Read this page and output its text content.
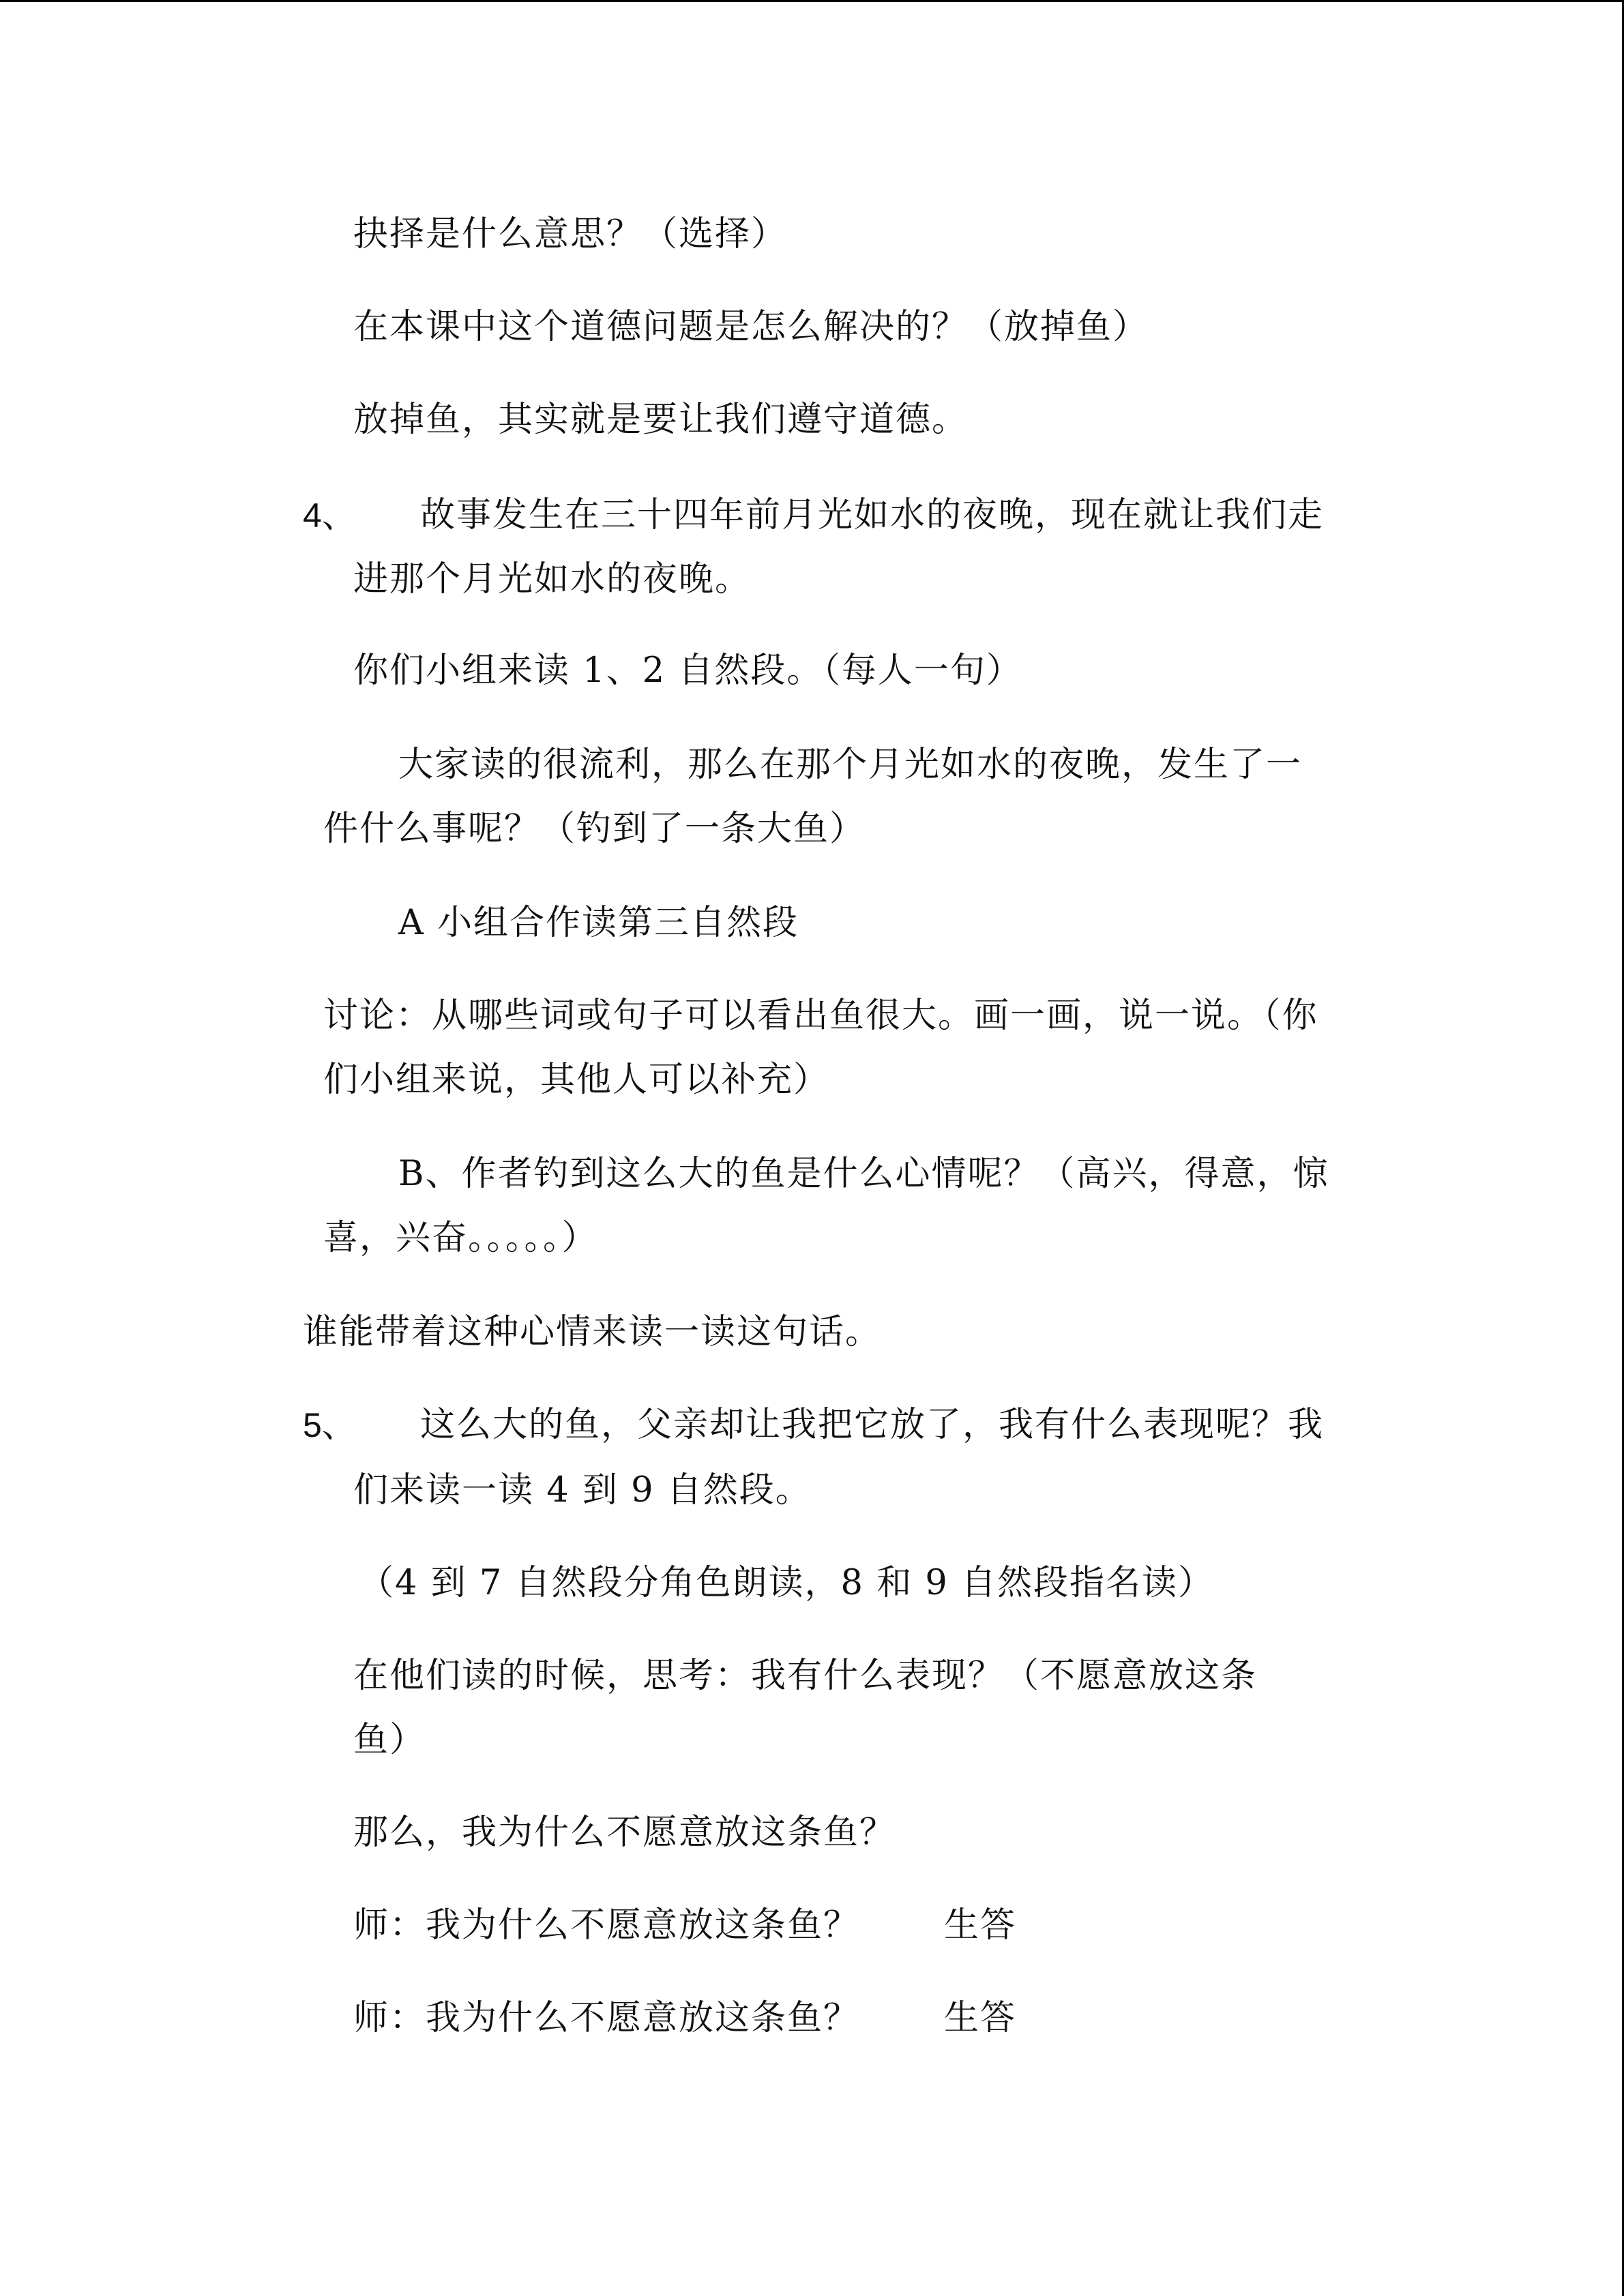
抉择是什么意思？（选择）
在本课中这个道德问题是怎么解决的？（放掉鱼）
放掉鱼，其实就是要让我们遵守道德。
4、 故事发生在三十四年前月光如水的夜晚，现在就让我们走
进那个月光如水的夜晚。
你们小组来读 1、2 自然段。（每人一句）
大家读的很流利，那么在那个月光如水的夜晚，发生了一
件什么事呢？（钓到了一条大鱼）
A 小组合作读第三自然段
讨论：从哪些词或句子可以看出鱼很大。画一画，说一说。（你
们小组来说，其他人可以补充）
B、作者钓到这么大的鱼是什么心情呢？（高兴，得意，惊
喜，兴奋。。。。。）
谁能带着这种心情来读一读这句话。
5、 这么大的鱼，父亲却让我把它放了，我有什么表现呢？我
们来读一读 4 到 9 自然段。
（4 到 7 自然段分角色朗读，8 和 9 自然段指名读）
在他们读的时候，思考：我有什么表现？（不愿意放这条
鱼）
那么，我为什么不愿意放这条鱼？
师：我为什么不愿意放这条鱼？ 生答
师：我为什么不愿意放这条鱼？ 生答
